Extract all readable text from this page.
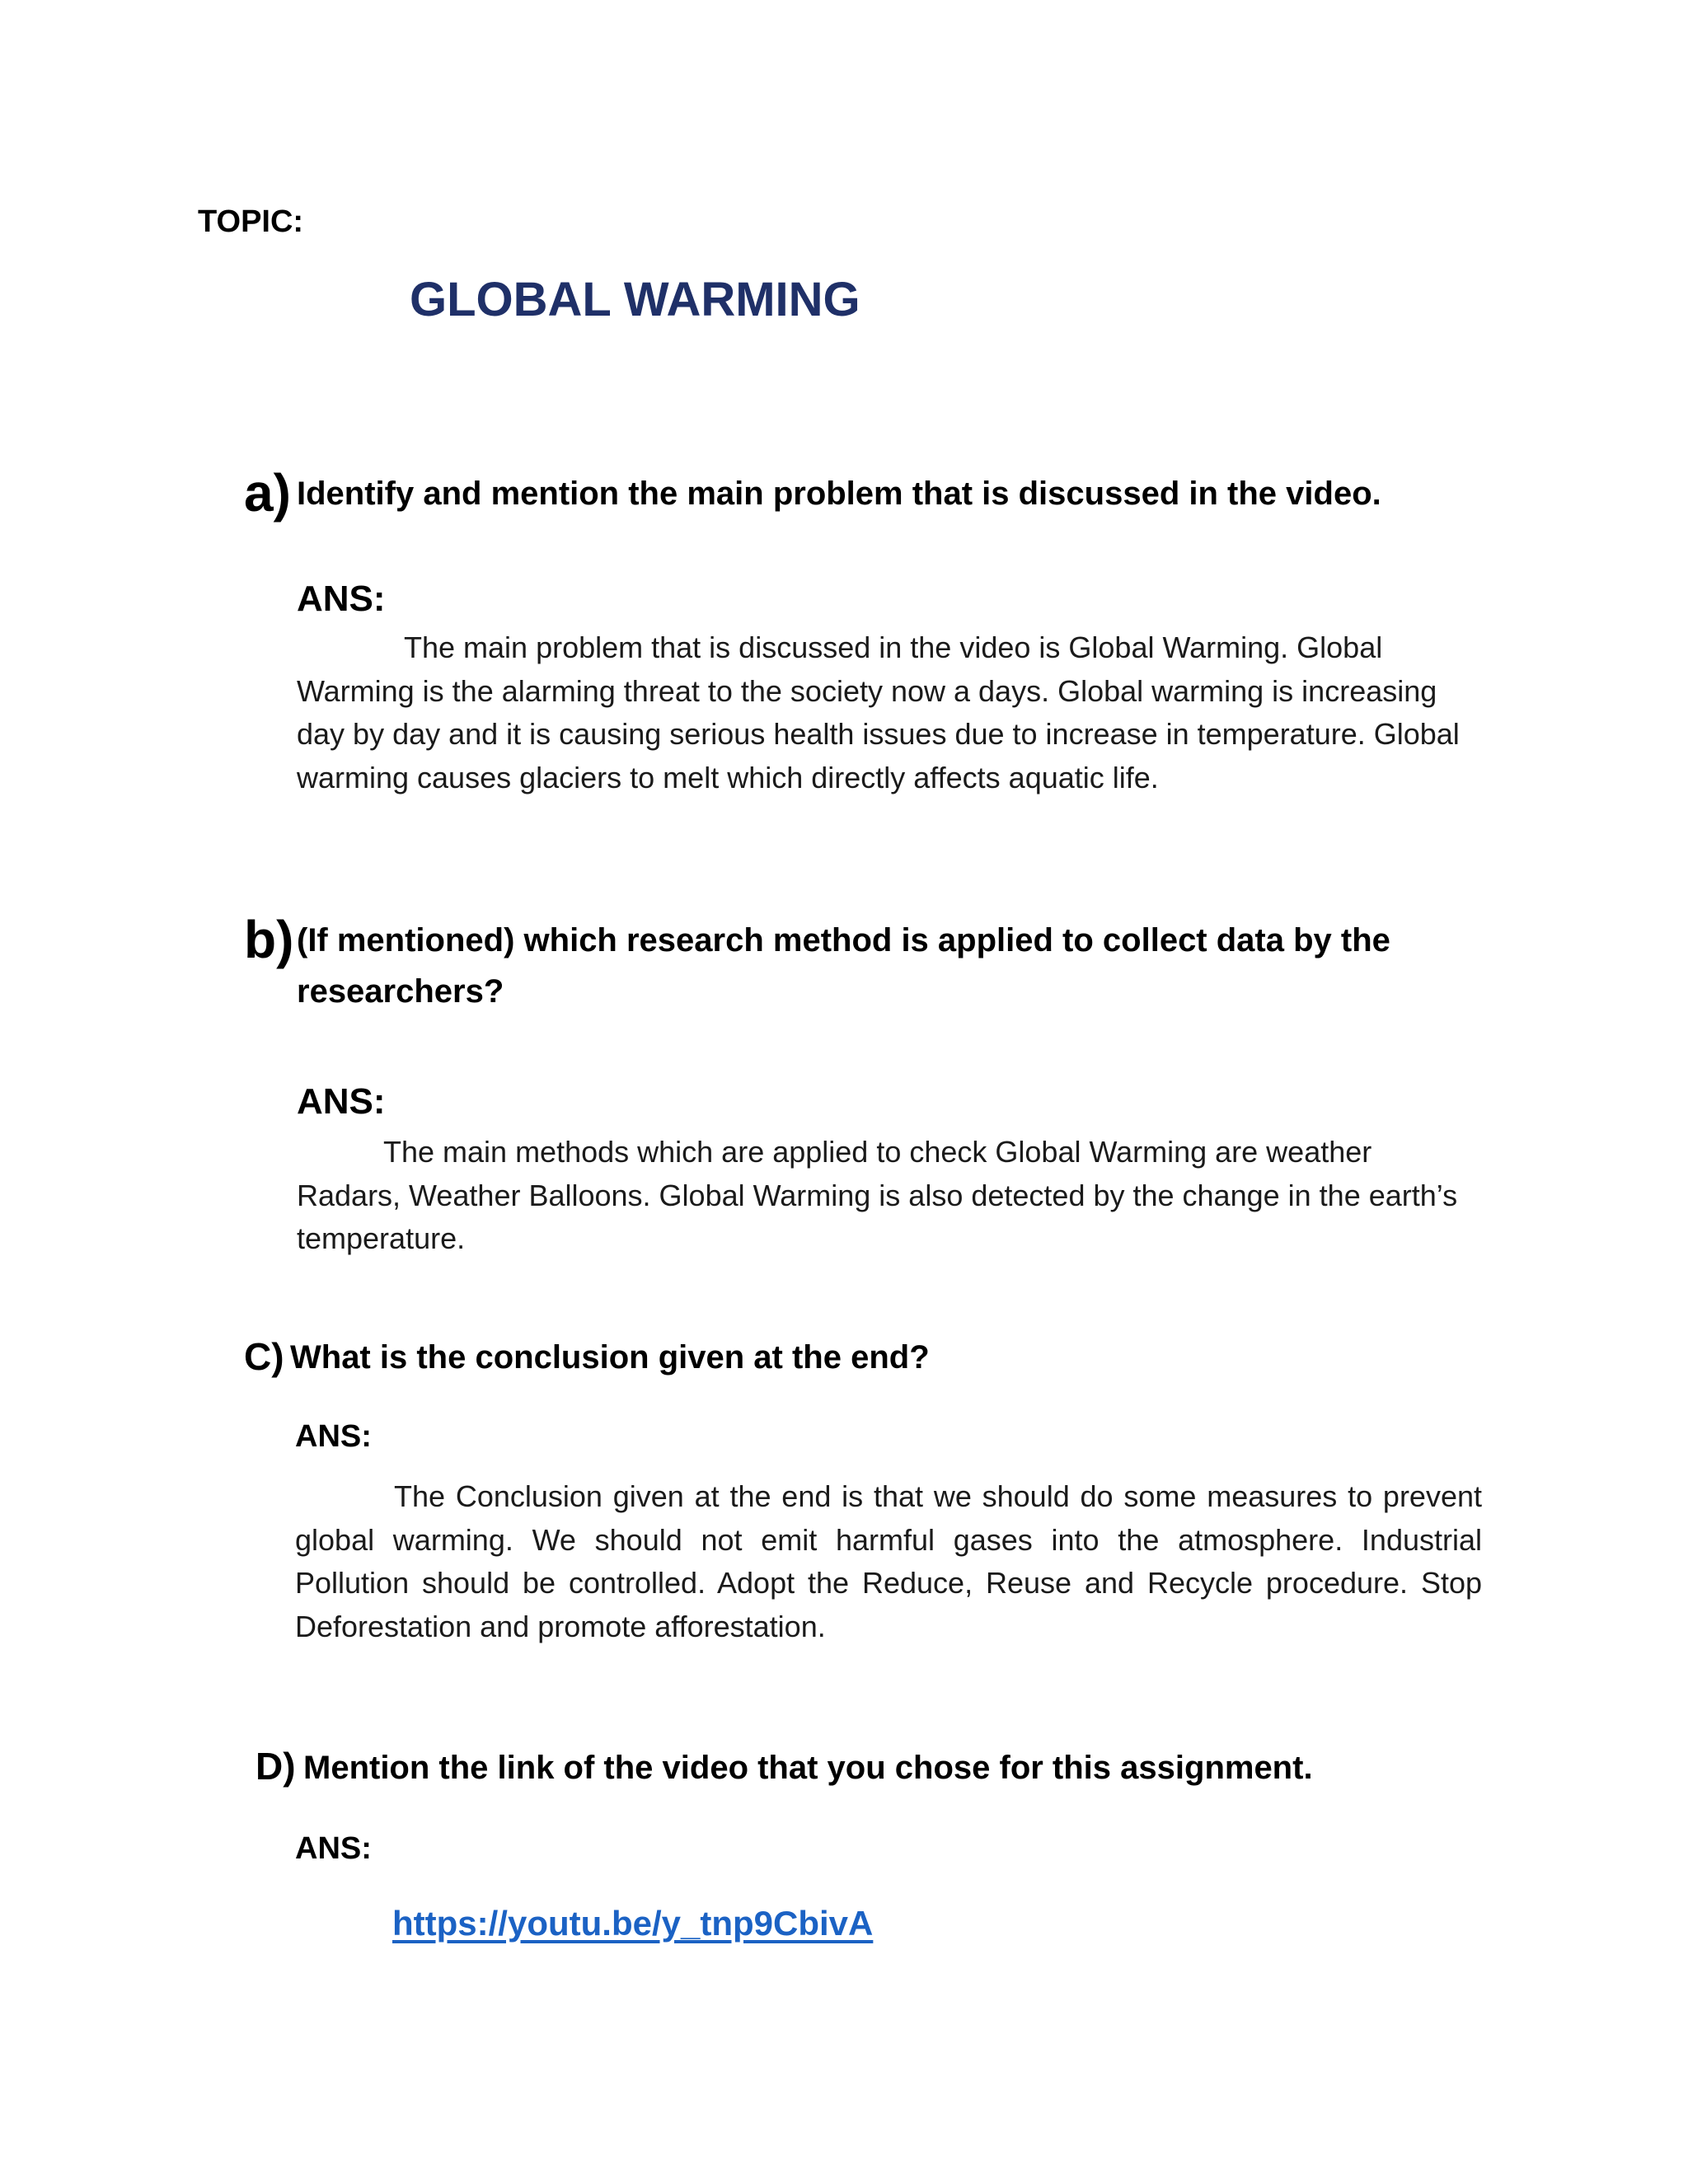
TOPIC:
GLOBAL WARMING
a) Identify and mention the main problem that is discussed in the video.
ANS:
The main problem that is discussed in the video is Global Warming. Global Warming is the alarming threat to the society now a days. Global warming is increasing day by day and it is causing serious health issues due to increase in temperature. Global warming causes glaciers to melt which directly affects aquatic life.
b) (If mentioned) which research method is applied to collect data by the researchers?
ANS:
The main methods which are applied to check Global Warming are weather Radars, Weather Balloons. Global Warming is also detected by the change in the earth’s temperature.
C) What is the conclusion given at the end?
ANS:
The Conclusion given at the end is that we should do some measures to prevent global warming. We should not emit harmful gases into the atmosphere. Industrial Pollution should be controlled. Adopt the Reduce, Reuse and Recycle procedure. Stop Deforestation and promote afforestation.
D) Mention the link of the video that you chose for this assignment.
ANS:
https://youtu.be/y_tnp9CbivA
